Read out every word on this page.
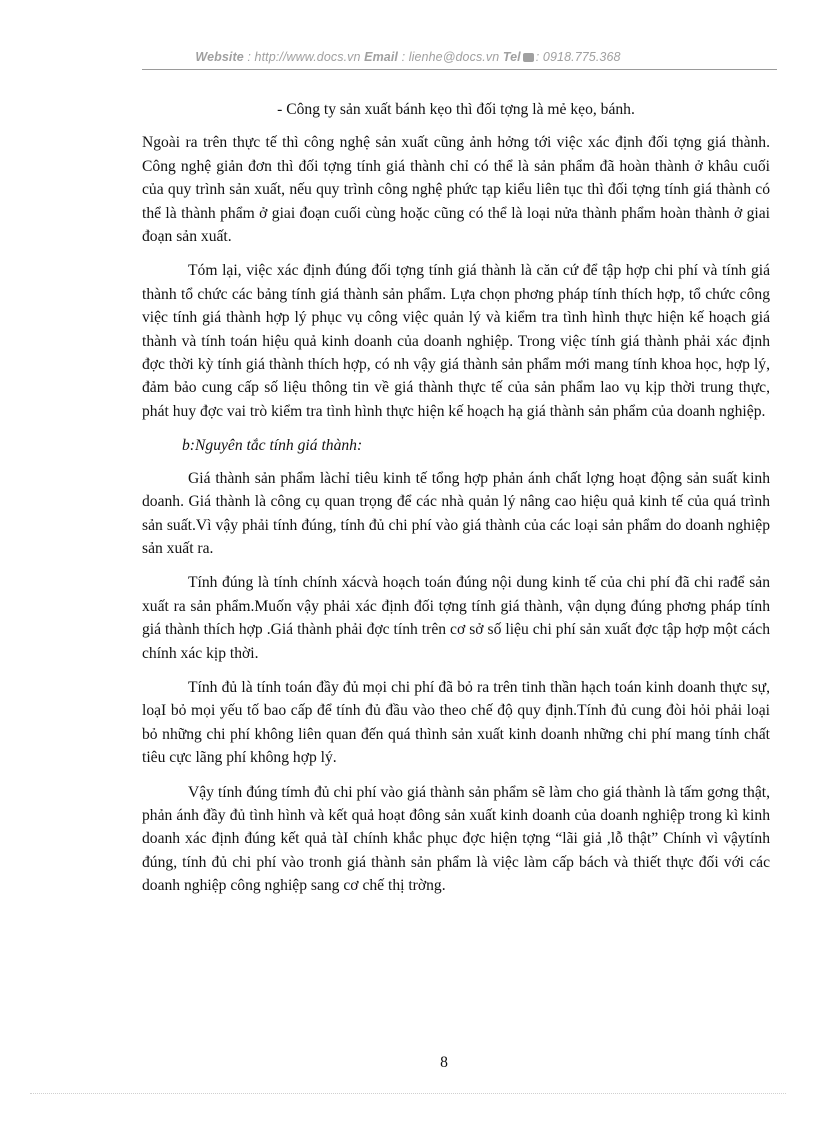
Website : http://www.docs.vn Email : lienhe@docs.vn Tel : 0918.775.368

- Công ty sản xuất bánh kẹo thì đối tợng là mẻ kẹo, bánh.

Ngoài ra trên thực tế thì công nghệ sản xuất cũng ảnh hởng tới việc xác định đối tợng giá thành. Công nghệ giản đơn thì đối tợng tính giá thành chỉ có thể là sản phẩm đã hoàn thành ở khâu cuối của quy trình sản xuất, nếu quy trình công nghệ phức tạp kiểu liên tục thì đối tợng tính giá thành có thể là thành phẩm ở giai đoạn cuối cùng hoặc cũng có thể là loại nửa thành phẩm hoàn thành ở giai đoạn sản xuất.

Tóm lại, việc xác định đúng đối tợng tính giá thành là căn cứ để tập hợp chi phí và tính giá thành tổ chức các bảng tính giá thành sản phẩm. Lựa chọn phơng pháp tính thích hợp, tổ chức công việc tính giá thành hợp lý phục vụ công việc quản lý và kiểm tra tình hình thực hiện kế hoạch giá thành và tính toán hiệu quả kinh doanh của doanh nghiệp. Trong việc tính giá thành phải xác định đợc thời kỳ tính giá thành thích hợp, có nh vậy giá thành sản phẩm mới mang tính khoa học, hợp lý, đảm bảo cung cấp số liệu thông tin về giá thành thực tế của sản phẩm lao vụ kịp thời trung thực, phát huy đợc vai trò kiểm tra tình hình thực hiện kế hoạch hạ giá thành sản phẩm của doanh nghiệp.

b:Nguyên tắc tính giá thành:

Giá thành sản phẩm làchỉ tiêu kinh tế tổng hợp phản ánh chất lợng hoạt động sản suất kinh doanh. Giá thành là công cụ quan trọng để các nhà quản lý nâng cao hiệu quả kinh tế của quá trình sản suất.Vì vậy phải tính đúng, tính đủ chi phí vào giá thành của các loại sản phẩm do doanh nghiệp sản xuất ra.

Tính đúng là tính chính xácvà hoạch toán đúng nội dung kinh tế của chi phí đã chi rađể sản xuất ra sản phẩm.Muốn vậy phải xác định đối tợng tính giá thành, vận dụng đúng phơng pháp tính giá thành thích hợp .Giá thành phải đợc tính trên cơ sở số liệu chi phí sản xuất đợc tập hợp một cách chính xác kịp thời.

Tính đủ là tính toán đầy đủ mọi chi phí đã bỏ ra trên tinh thần hạch toán kinh doanh thực sự, loạI bỏ mọi yếu tố bao cấp để tính đủ đầu vào theo chế độ quy định.Tính đủ cung đòi hỏi phải loại bỏ những chi phí không liên quan đến quá thình sản xuất kinh doanh những chi phí mang tính chất tiêu cực lãng phí không hợp lý.

Vậy tính đúng tímh đủ chi phí vào giá thành sản phẩm sẽ làm cho giá thành là tấm gơng thật, phản ánh đầy đủ tình hình và kết quả hoạt đông sản xuất kinh doanh của doanh nghiệp trong kì kinh doanh xác định đúng kết quả tàI chính khắc phục đợc hiện tợng “lãi giả ,lỗ thật” Chính vì vậytính đúng, tính đủ chi phí vào tronh giá thành sản phẩm là việc làm cấp bách và thiết thực đối với các doanh nghiệp công nghiệp sang cơ chế thị trờng.

8
